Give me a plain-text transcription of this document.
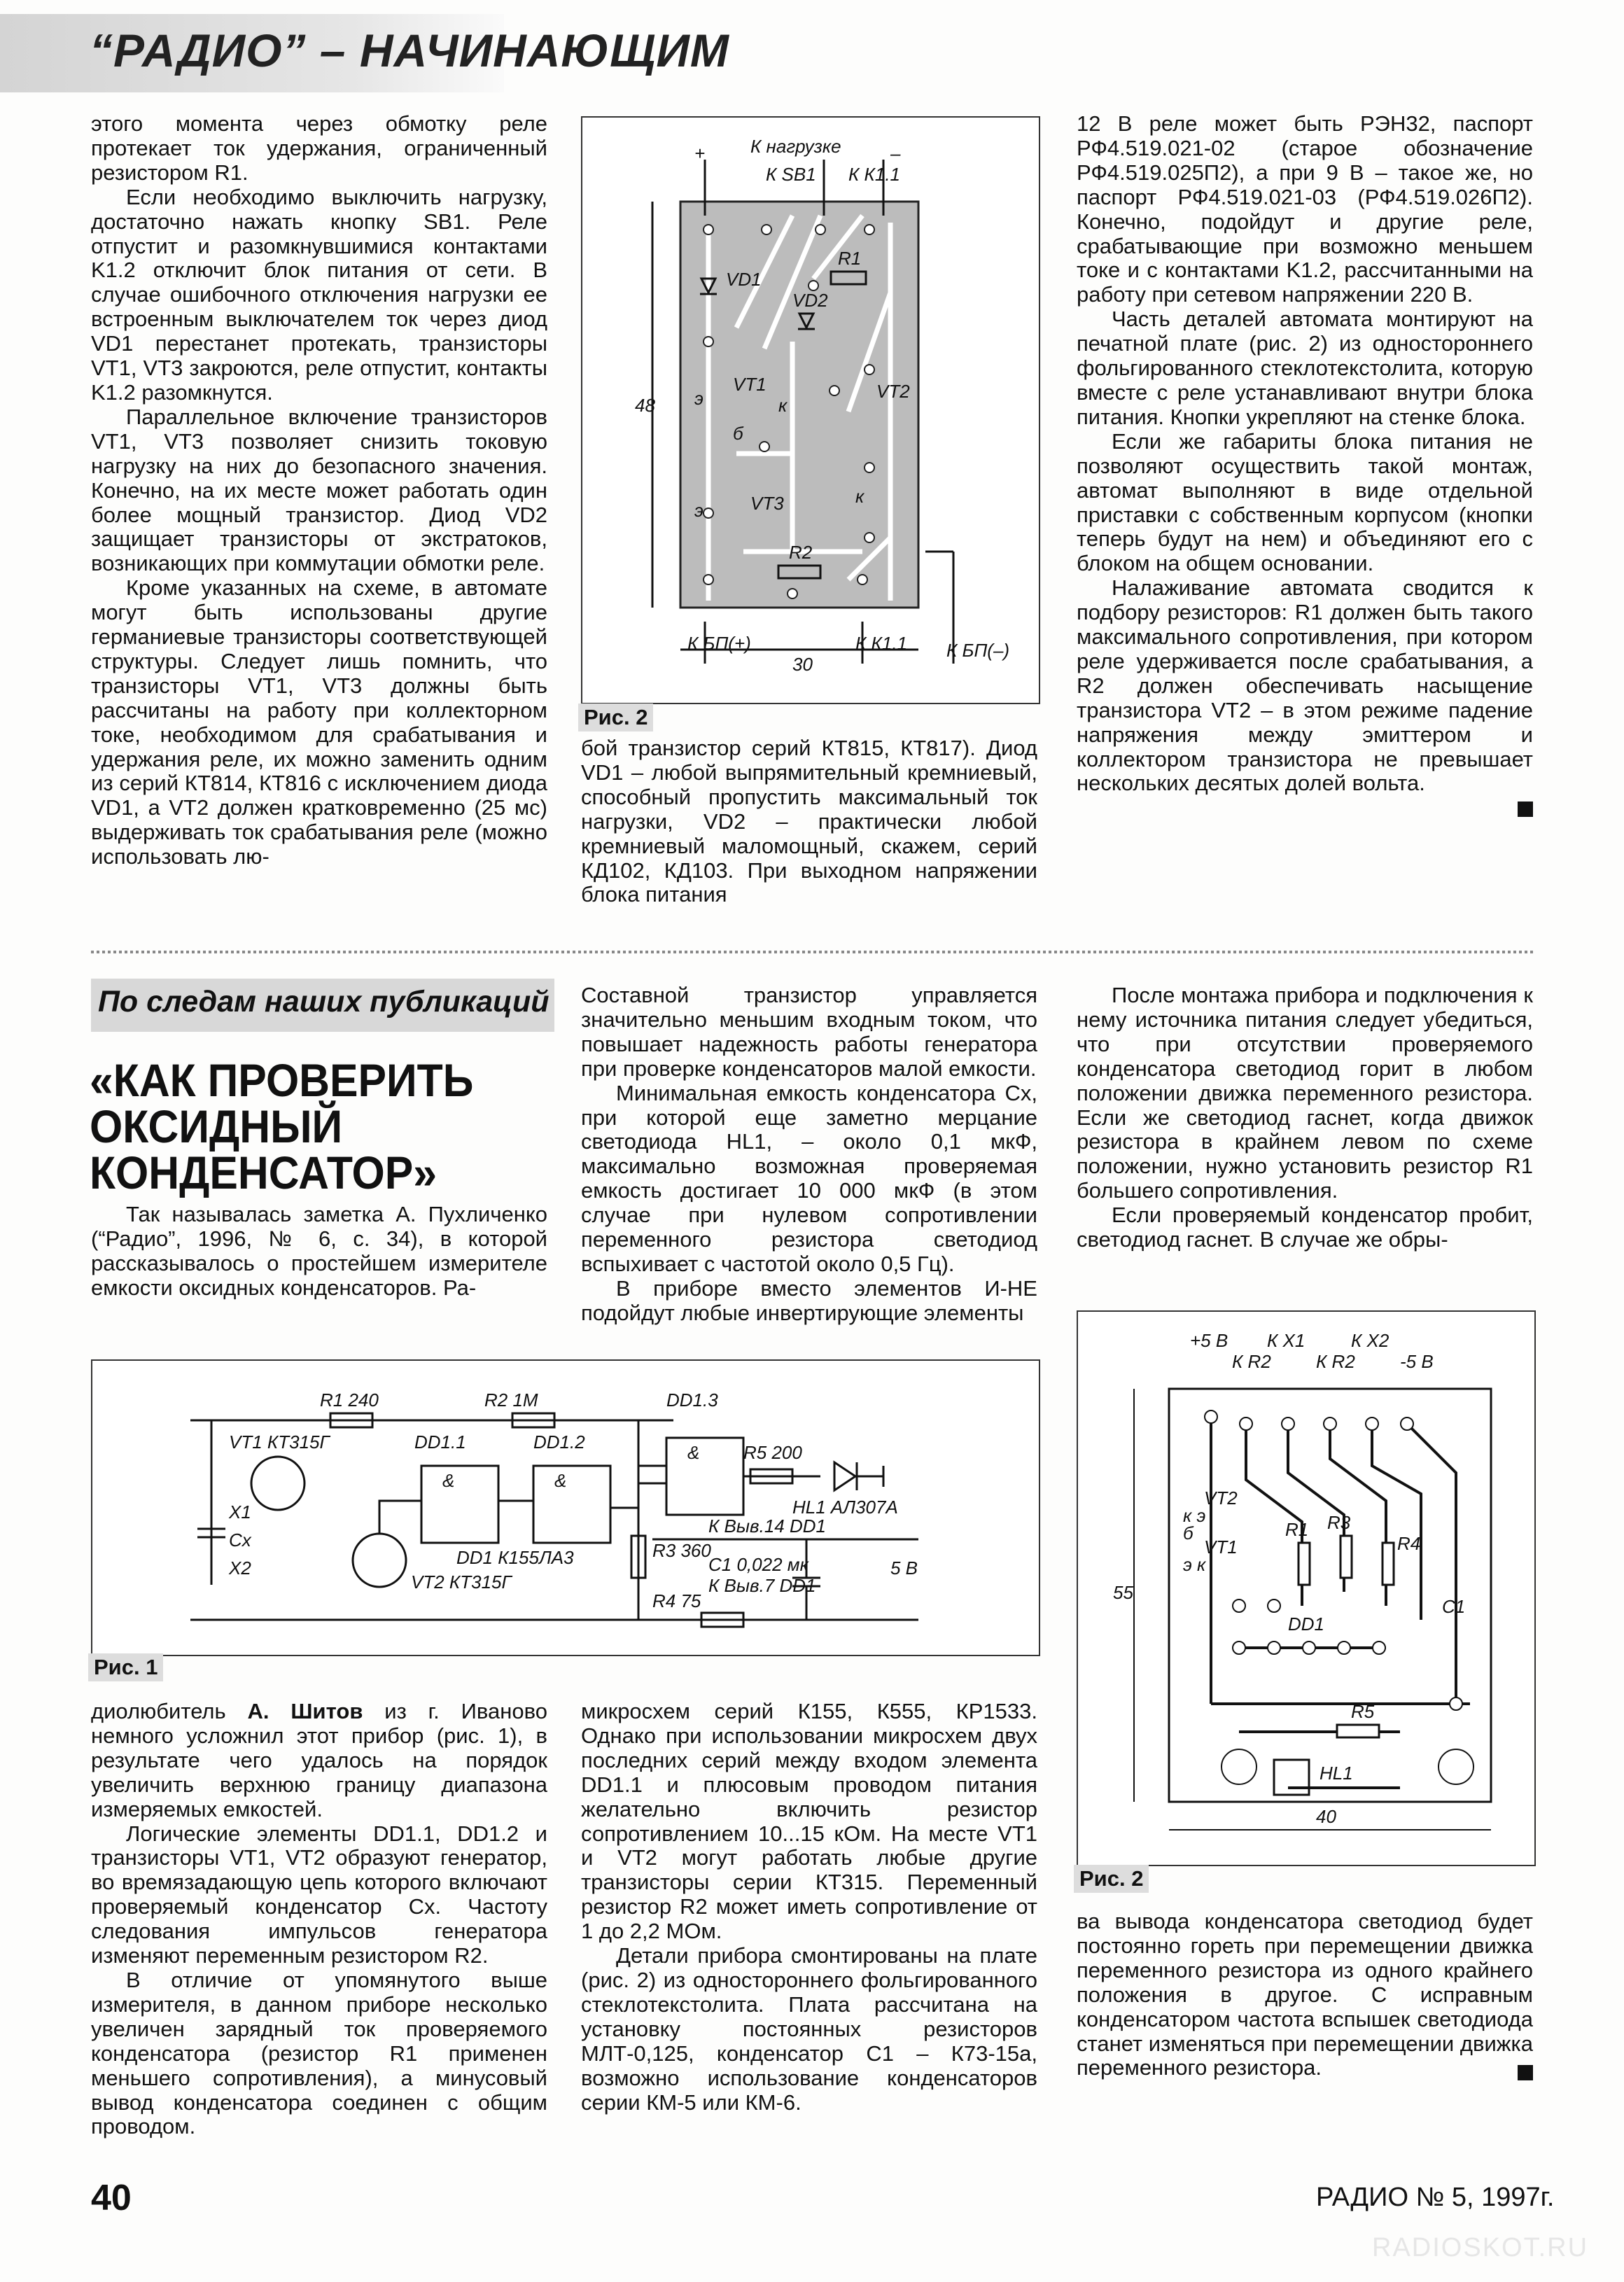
“РАДИО” – НАЧИНАЮЩИМ

этого момента через обмотку реле протекает ток удержания, ограниченный резистором R1.

Если необходимо выключить нагрузку, достаточно нажать кнопку SB1. Реле отпустит и разомкнувшимися контактами K1.2 отключит блок питания от сети. В случае ошибочного отключения нагрузки ее встроенным выключателем ток через диод VD1 перестанет протекать, транзисторы VT1, VT3 закроются, реле отпустит, контакты K1.2 разомкнутся.

Параллельное включение транзисторов VT1, VT3 позволяет снизить токовую нагрузку на них до безопасного значения. Конечно, на их месте может работать один более мощный транзистор. Диод VD2 защищает транзисторы от экстратоков, возникающих при коммутации обмотки реле.

Кроме указанных на схеме, в автомате могут быть использованы другие германиевые транзисторы соответствующей структуры. Следует лишь помнить, что транзисторы VT1, VT3 должны быть рассчитаны на работу при коллекторном токе, необходимом для срабатывания и удержания реле, их можно заменить одним из серий КТ814, КТ816 с исключением диода VD1, а VT2 должен кратковременно (25 мс) выдерживать ток срабатывания реле (можно использовать лю-

+	–
К нагрузке
К SB1 К К1.1
VD1
VD2
R1
VT1	VT2
VT3
R2
48
30
К БП(+)	К К1.1 К БП(–)
э	к
э
к
б
Рис. 2

бой транзистор серий КТ815, КТ817). Диод VD1 – любой выпрямительный кремниевый, способный пропустить максимальный ток нагрузки, VD2 – практически любой кремниевый маломощный, скажем, серий КД102, КД103. При выходном напряжении блока питания

12 В реле может быть РЭН32, паспорт РФ4.519.021-02 (старое обозначение РФ4.519.025П2), а при 9 В – такое же, но паспорт РФ4.519.021-03 (РФ4.519.026П2). Конечно, подойдут и другие реле, срабатывающие при возможно меньшем токе и с контактами K1.2, рассчитанными на работу при сетевом напряжении 220 В.

Часть деталей автомата монтируют на печатной плате (рис. 2) из одностороннего фольгированного стеклотекстолита, которую вместе с реле устанавливают внутри блока питания. Кнопки укрепляют на стенке блока.

Если же габариты блока питания не позволяют осуществить такой монтаж, автомат выполняют в виде отдельной приставки с собственным корпусом (кнопки теперь будут на нем) и объединяют его с блоком на общем основании.

Налаживание автомата сводится к подбору резисторов: R1 должен быть такого максимального сопротивления, при котором реле удерживается после срабатывания, а R2 должен обеспечивать насыщение транзистора VT2 – в этом режиме падение напряжения между эмиттером и коллектором транзистора не превышает нескольких десятых долей вольта.

По следам наших публикаций
«КАК ПРОВЕРИТЬ
ОКСИДНЫЙ
КОНДЕНСАТОР»

Так называлась заметка А. Пухличенко (“Радио”, 1996, № 6, с. 34), в которой рассказывалось о простейшем измерителе емкости оксидных конденсаторов. Ра-

Составной транзистор управляется значительно меньшим входным током, что повышает надежность работы генератора при проверке конденсаторов малой емкости.

Минимальная емкость конденсатора Cx, при которой еще заметно мерцание светодиода HL1, – около 0,1 мкФ, максимально возможная проверяемая емкость достигает 10 000 мкФ (в этом случае при нулевом сопротивлении переменного резистора светодиод вспыхивает с частотой около 0,5 Гц).

В приборе вместо элементов И-НЕ подойдут любые инвертирующие элементы

После монтажа прибора и подключения к нему источника питания следует убедиться, что при отсутствии проверяемого конденсатора светодиод горит в любом положении движка переменного резистора. Если же светодиод гаснет, когда движок резистора в крайнем левом по схеме положении, нужно установить резистор R1 большего сопротивления.

Если проверяемый конденсатор пробит, светодиод гаснет. В случае же обры-

R1 240	R2 1М	DD1.3
DD1.1	DD1.2
VT1 КТ315Г
VT2 КТ315Г
DD1 К155ЛА3
R5 200
HL1 АЛ307А
R3 360
R4 75
C1 0,022 мк	5 В
К Выв.14 DD1
К Выв.7 DD1
X1
X2
Cx
&	&
&
Рис. 1

диолюбитель А. Шитов из г. Иваново немного усложнил этот прибор (рис. 1), в результате чего удалось на порядок увеличить верхнюю границу диапазона измеряемых емкостей.

Логические элементы DD1.1, DD1.2 и транзисторы VT1, VT2 образуют генератор, во времязадающую цепь которого включают проверяемый конденсатор Cx. Частоту следования импульсов генератора изменяют переменным резистором R2.

В отличие от упомянутого выше измерителя, в данном приборе несколько увеличен зарядный ток проверяемого конденсатора (резистор R1 применен меньшего сопротивления), а минусовый вывод конденсатора соединен с общим проводом.

микросхем серий К155, К555, КР1533. Однако при использовании микросхем двух последних серий между входом элемента DD1.1 и плюсовым проводом питания желательно включить резистор сопротивлением 10...15 кОм. На месте VT1 и VT2 могут работать любые другие транзисторы серии КТ315. Переменный резистор R2 может иметь сопротивление от 1 до 2,2 МОм.

Детали прибора смонтированы на плате (рис. 2) из одностороннего фольгированного стеклотекстолита. Плата рассчитана на установку постоянных резисторов МЛТ-0,125, конденсатор C1 – К73-15а, возможно использование конденсаторов серии КМ-5 или КМ-6.

+5 В К Х1	К Х2
К R2 К R2 -5 В
VT2
VT1
R1 R3
R4
C1
DD1
R5
HL1
55
40
к э
б
э к
Рис. 2

ва вывода конденсатора светодиод будет постоянно гореть при перемещении движка переменного резистора из одного крайнего положения в другое. С исправным конденсатором частота вспышек светодиода станет изменяться при перемещении движка переменного резистора.

40	РАДИО № 5, 1997г.
RADIOSKOT.RU
